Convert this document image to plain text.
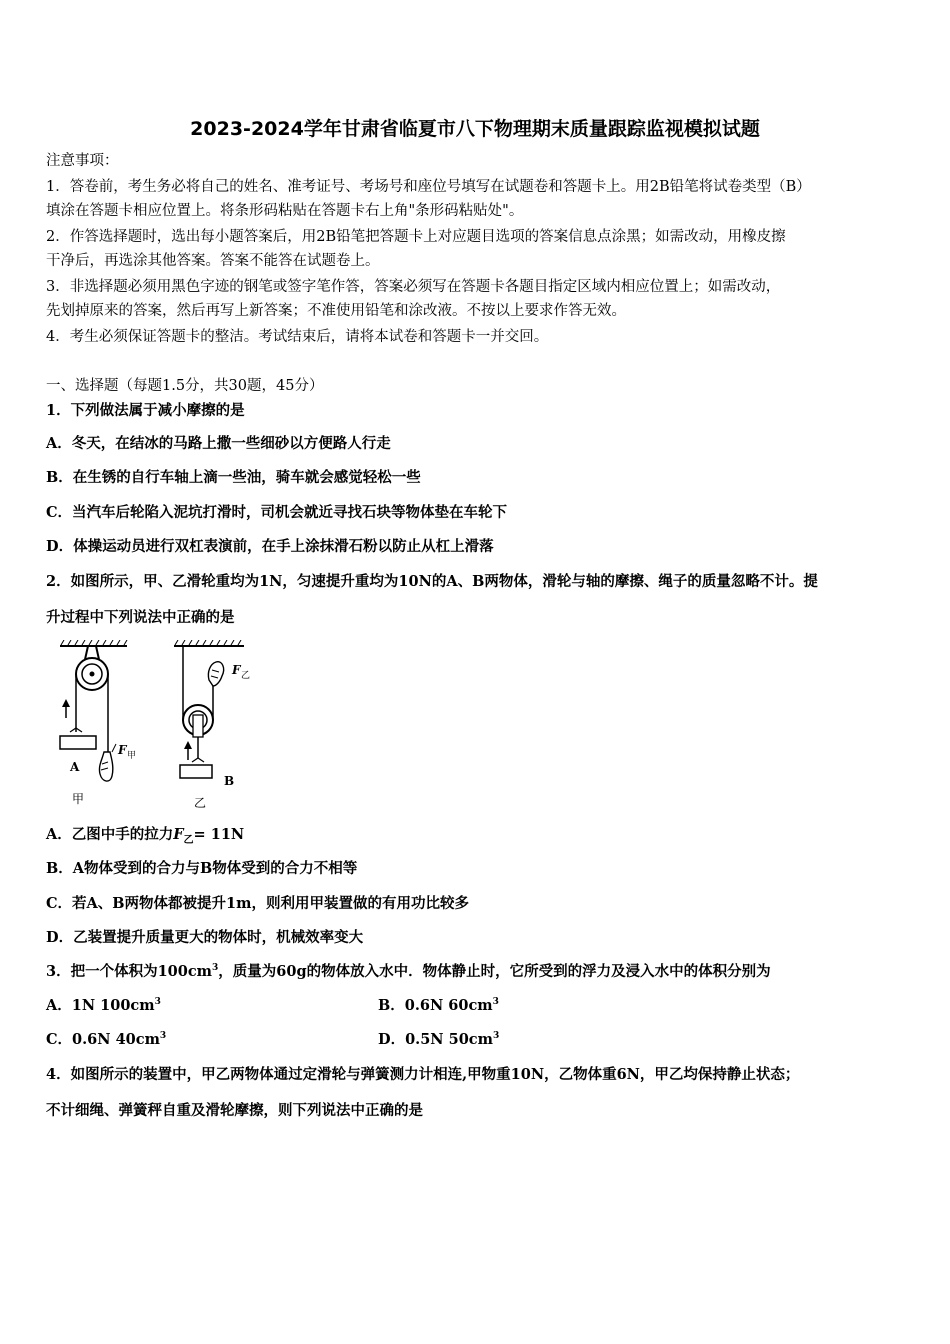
2023-2024学年甘肃省临夏市八下物理期末质量跟踪监视模拟试题
注意事项：
1．答卷前，考生务必将自己的姓名、准考证号、考场号和座位号填写在试题卷和答题卡上。用2B铅笔将试卷类型（B）
填涂在答题卡相应位置上。将条形码粘贴在答题卡右上角"条形码粘贴处"。
2．作答选择题时，选出每小题答案后，用2B铅笔把答题卡上对应题目选项的答案信息点涂黑；如需改动，用橡皮擦
干净后，再选涂其他答案。答案不能答在试题卷上。
3．非选择题必须用黑色字迹的钢笔或签字笔作答，答案必须写在答题卡各题目指定区域内相应位置上；如需改动，
先划掉原来的答案，然后再写上新答案；不准使用铅笔和涂改液。不按以上要求作答无效。
4．考生必须保证答题卡的整洁。考试结束后，请将本试卷和答题卡一并交回。
一、选择题（每题1.5分，共30题，45分）
1．下列做法属于减小摩擦的是
A．冬天，在结冰的马路上撒一些细砂以方便路人行走
B．在生锈的自行车轴上滴一些油，骑车就会感觉轻松一些
C．当汽车后轮陷入泥坑打滑时，司机会就近寻找石块等物体垫在车轮下
D．体操运动员进行双杠表演前，在手上涂抹滑石粉以防止从杠上滑落
2．如图所示，甲、乙滑轮重均为1N，匀速提升重均为10N的A、B两物体，滑轮与轴的摩擦、绳子的质量忽略不计。提
升过程中下列说法中正确的是
F 甲
A
甲
F 乙
B
乙
A．乙图中手的拉力$F_乙= 11N$
B．A物体受到的合力与B物体受到的合力不相等
C．若A、B两物体都被提升1m，则利用甲装置做的有用功比较多
D．乙装置提升质量更大的物体时，机械效率变大
3．把一个体积为$100cm^3$，质量为60g的物体放入水中．物体静止时，它所受到的浮力及浸入水中的体积分别为
A．1N $100cm^3$	B．0.6N $60cm^3$
C．0.6N $40cm^3$	D．0.5N $50cm^3$
4．如图所示的装置中，甲乙两物体通过定滑轮与弹簧测力计相连,甲物重10N，乙物体重6N，甲乙均保持静止状态；
不计细绳、弹簧秤自重及滑轮摩擦，则下列说法中正确的是
